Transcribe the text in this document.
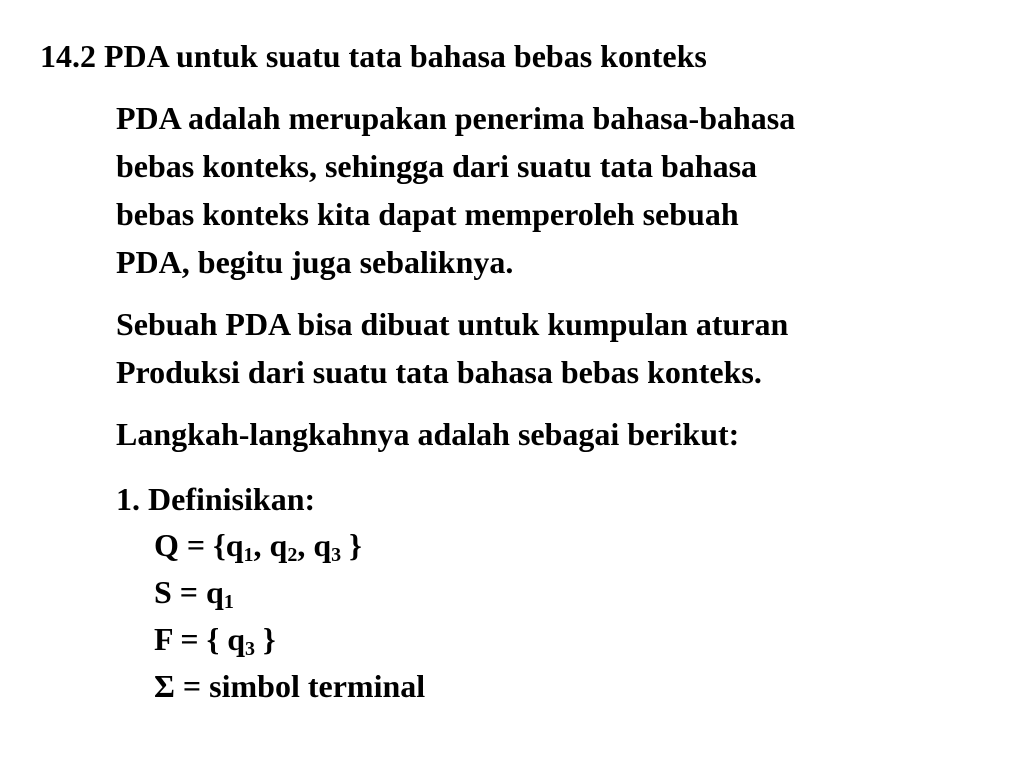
14.2 PDA untuk suatu tata bahasa bebas konteks
PDA adalah merupakan penerima bahasa-bahasa
bebas konteks, sehingga dari suatu tata bahasa
bebas konteks kita dapat memperoleh sebuah
PDA, begitu juga sebaliknya.
Sebuah PDA bisa dibuat untuk kumpulan aturan
Produksi dari suatu tata bahasa bebas konteks.
Langkah-langkahnya adalah sebagai berikut:
1. Definisikan:
$Q = \{q_1$, $q_2$, $q_3$ }
$S = q_1$
F = { $q_3$ }
Σ = simbol terminal
